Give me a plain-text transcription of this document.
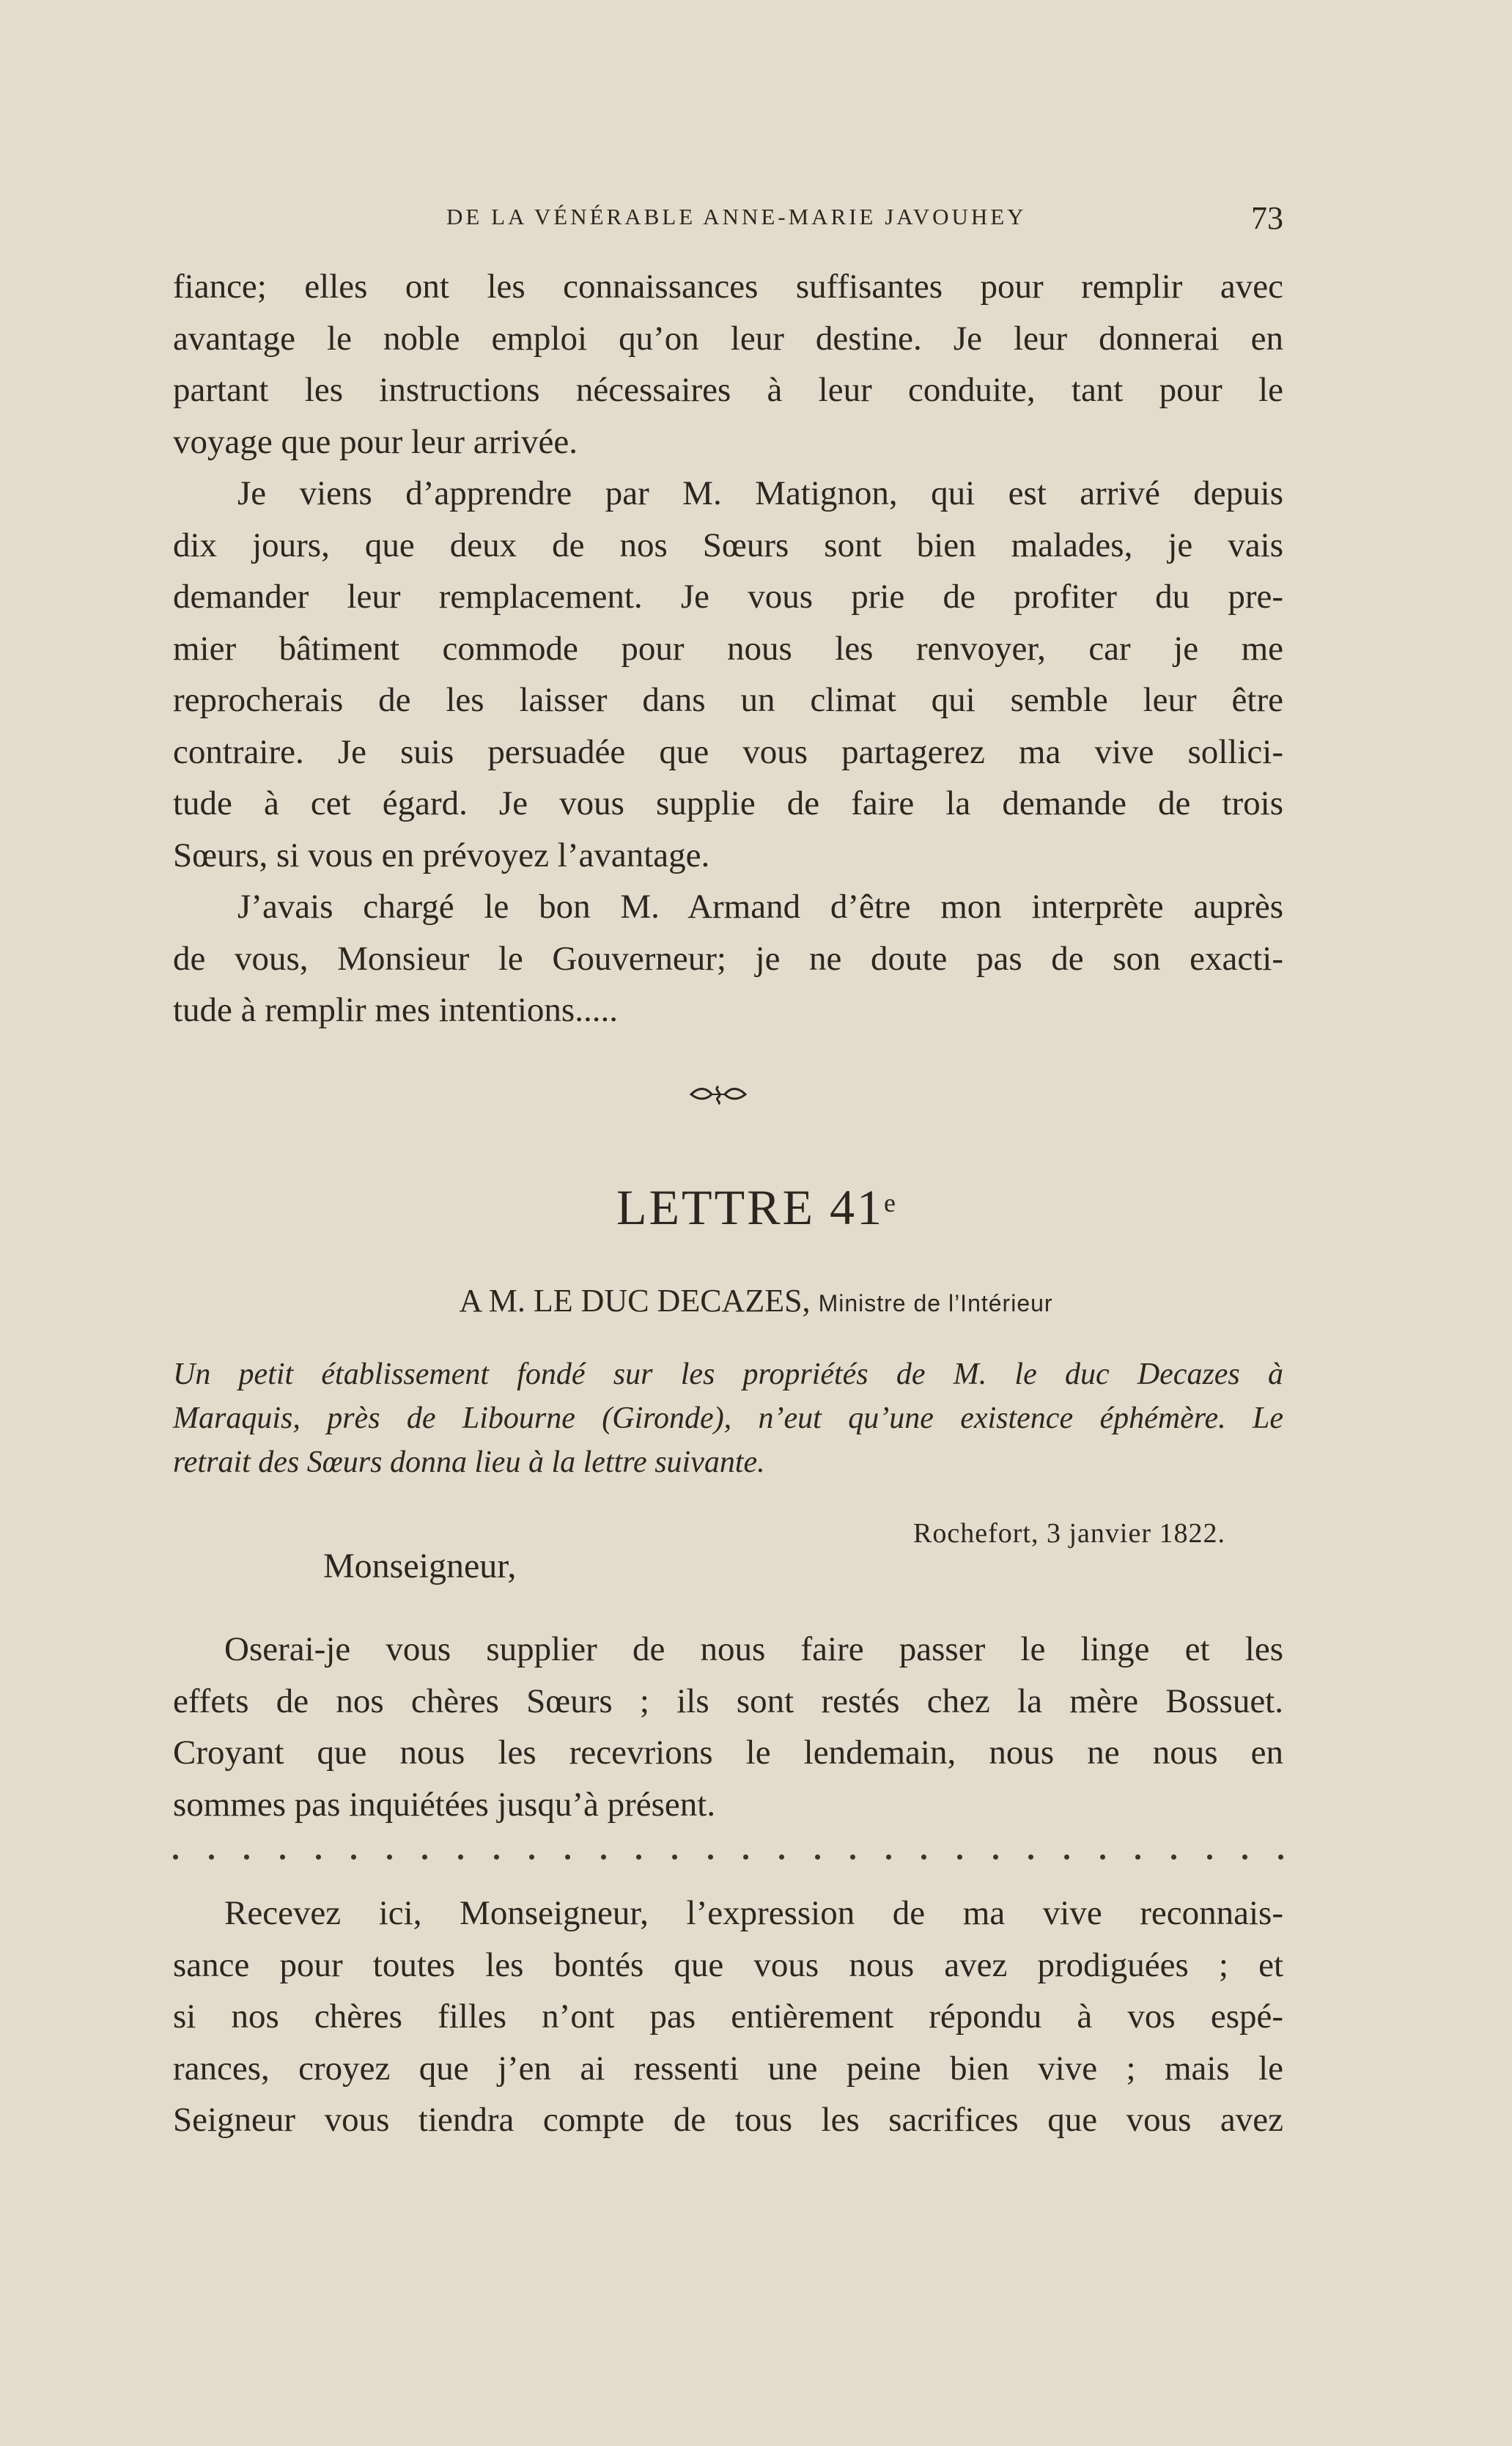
DE LA VÉNÉRABLE ANNE-MARIE JAVOUHEY	73
fiance; elles ont les connaissances suffisantes pour remplir avec
avantage le noble emploi qu’on leur destine. Je leur donnerai en
partant les instructions nécessaires à leur conduite, tant pour le
voyage que pour leur arrivée.
Je viens d’apprendre par M. Matignon, qui est arrivé depuis
dix jours, que deux de nos Sœurs sont bien malades, je vais
demander leur remplacement. Je vous prie de profiter du pre-
mier bâtiment commode pour nous les renvoyer, car je me
reprocherais de les laisser dans un climat qui semble leur être
contraire. Je suis persuadée que vous partagerez ma vive sollici-
tude à cet égard. Je vous supplie de faire la demande de trois
Sœurs, si vous en prévoyez l’avantage.
J’avais chargé le bon M. Armand d’être mon interprète auprès
de vous, Monsieur le Gouverneur; je ne doute pas de son exacti-
tude à remplir mes intentions.....
LETTRE 41e
A M. LE DUC DECAZES, Ministre de l’Intérieur
Un petit établissement fondé sur les propriétés de M. le duc Decazes à
Maraquis, près de Libourne (Gironde), n’eut qu’une existence éphémère. Le
retrait des Sœurs donna lieu à la lettre suivante.
Rochefort, 3 janvier 1822.
Monseigneur,
Oserai-je vous supplier de nous faire passer le linge et les
effets de nos chères Sœurs ; ils sont restés chez la mère Bossuet.
Croyant que nous les recevrions le lendemain, nous ne nous en
sommes pas inquiétées jusqu’à présent.
Recevez ici, Monseigneur, l’expression de ma vive reconnais-
sance pour toutes les bontés que vous nous avez prodiguées ; et
si nos chères filles n’ont pas entièrement répondu à vos espé-
rances, croyez que j’en ai ressenti une peine bien vive ; mais le
Seigneur vous tiendra compte de tous les sacrifices que vous avez
